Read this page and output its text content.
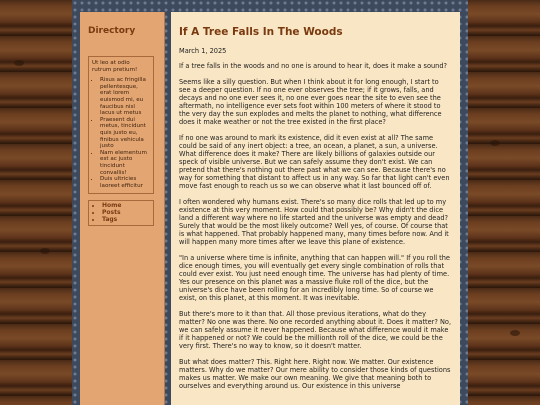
Directory

Ut leo at odio rutrum pretium!

• Risus ac fringilla pellentesque, erat lorem euismod mi, eu faucibus nisl lacus ut metus
• Praesent dui metus, tincidunt quis justo eu, finibus vehicula justo
• Nam elementum est ac justo tincidunt convallis!
• Duis ultricies laoreet efficitur
• Home
• Posts
• Tags
If A Tree Falls In The Woods
March 1, 2025

If a tree falls in the woods and no one is around to hear it, does it make a sound?

Seems like a silly question. But when I think about it for long enough, I start to see a deeper question. If no one ever observes the tree; if it grows, falls, and decays and no one ever sees it, no one ever goes near the site to even see the aftermath, no intelligence ever sets foot within 100 meters of where it stood to the very day the sun explodes and melts the planet to nothing, what difference does it make weather or not the tree existed in the first place?

If no one was around to mark its existence, did it even exist at all? The same could be said of any inert object: a tree, an ocean, a planet, a sun, a universe. What difference does it make? There are likely billions of galaxies outside our speck of visible universe. But we can safely assume they don't exist. We can pretend that there's nothing out there past what we can see. Because there's no way for something that distant to affect us in any way. So far that light can't even move fast enough to reach us so we can observe what it last bounced off of.

I often wondered why humans exist. There's so many dice rolls that led up to my existence at this very moment. How could that possibly be? Why didn't the dice land a different way where no life started and the universe was empty and dead? Surely that would be the most likely outcome? Well yes, of course. Of course that is what happened. That probably happened many, many times before now. And it will happen many more times after we leave this plane of existence.

"In a universe where time is infinite, anything that can happen will." If you roll the dice enough times, you will eventually get every single combination of rolls that could ever exist. You just need enough time. The universe has had plenty of time. Yes our presence on this planet was a massive fluke roll of the dice, but the universe's dice have been rolling for an incredibly long time. So of course we exist, on this planet, at this moment. It was inevitable.

But there's more to it than that. All those previous iterations, what do they matter? No one was there. No one recorded anything about it. Does it matter? No, we can safely assume it never happened. Because what difference would it make if it happened or not? We could be the millionth roll of the dice, we could be the very first. There's no way to know, so it doesn't matter.

But what does matter? This. Right here. Right now. We matter. Our existence matters. Why do we matter? Our mere ability to consider those kinds of questions makes us matter. We make our own meaning. We give that meaning both to ourselves and everything around us. Our existence in this universe
